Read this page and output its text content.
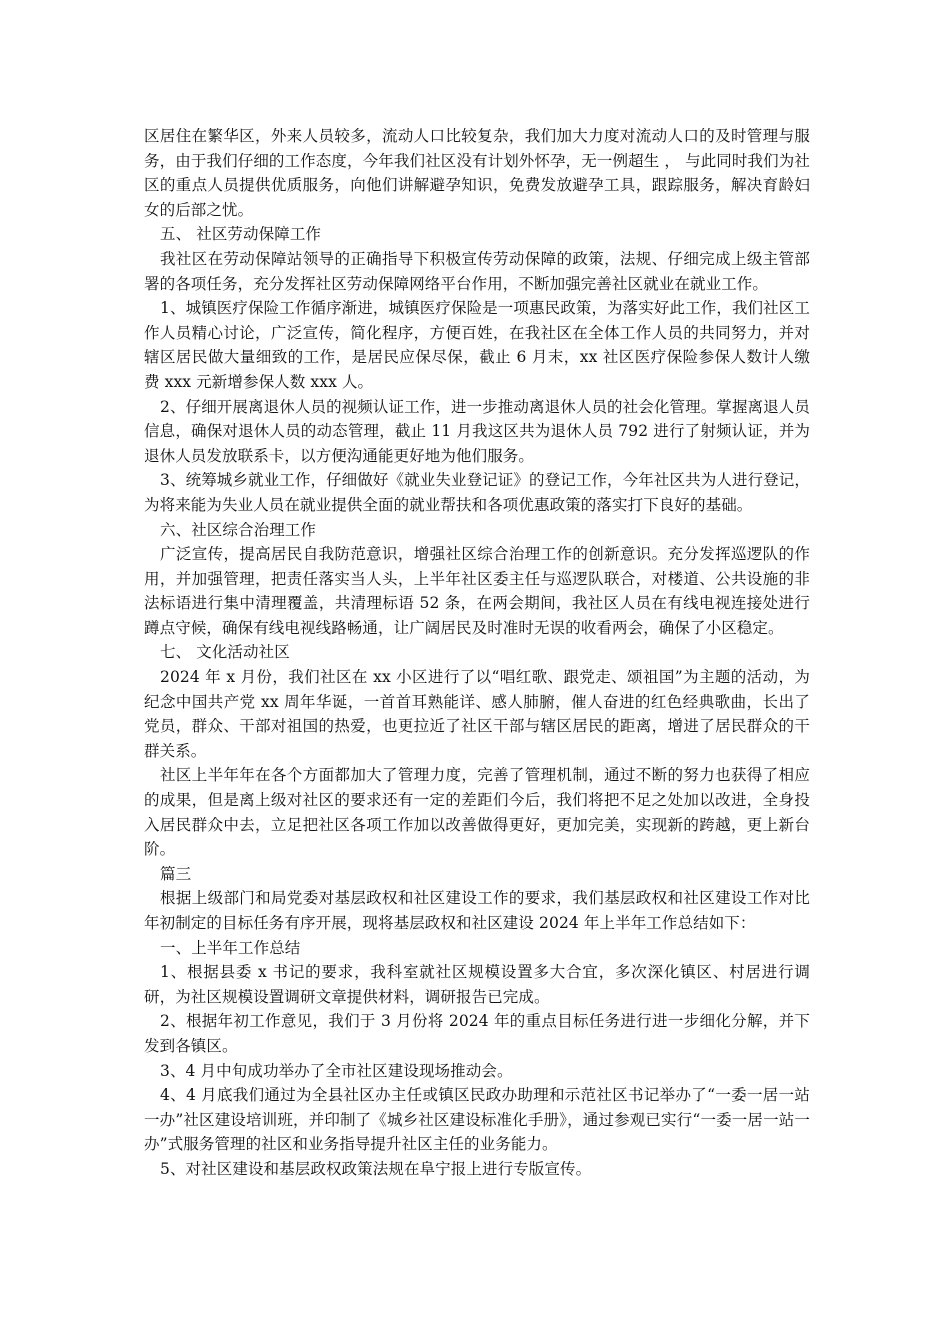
区居住在繁华区，外来人员较多，流动人口比较复杂，我们加大力度对流动人口的及时管理与服务，由于我们仔细的工作态度，今年我们社区没有计划外怀孕，无一例超生 ， 与此同时我们为社区的重点人员提供优质服务，向他们讲解避孕知识，免费发放避孕工具，跟踪服务，解决育龄妇女的后部之忧。

五、 社区劳动保障工作

我社区在劳动保障站领导的正确指导下积极宣传劳动保障的政策，法规、仔细完成上级主管部署的各项任务，充分发挥社区劳动保障网络平台作用，不断加强完善社区就业在就业工作。

1、城镇医疗保险工作循序渐进，城镇医疗保险是一项惠民政策，为落实好此工作，我们社区工作人员精心讨论，广泛宣传，简化程序，方便百姓，在我社区在全体工作人员的共同努力，并对辖区居民做大量细致的工作，是居民应保尽保，截止 6 月末，xx 社区医疗保险参保人数计人缴费 xxx 元新增参保人数 xxx 人。

2、仔细开展离退休人员的视频认证工作，进一步推动离退休人员的社会化管理。掌握离退人员信息，确保对退休人员的动态管理，截止 11 月我这区共为退休人员 792 进行了射频认证，并为退休人员发放联系卡，以方便沟通能更好地为他们服务。

3、统筹城乡就业工作，仔细做好《就业失业登记证》的登记工作，今年社区共为人进行登记，为将来能为失业人员在就业提供全面的就业帮扶和各项优惠政策的落实打下良好的基础。

六、社区综合治理工作

广泛宣传，提高居民自我防范意识，增强社区综合治理工作的创新意识。充分发挥巡逻队的作用，并加强管理，把责任落实当人头，上半年社区委主任与巡逻队联合，对楼道、公共设施的非法标语进行集中清理覆盖，共清理标语 52 条，在两会期间，我社区人员在有线电视连接处进行蹲点守候，确保有线电视线路畅通，让广阔居民及时准时无误的收看两会，确保了小区稳定。

七、 文化活动社区

2024 年 x 月份，我们社区在 xx 小区进行了以“唱红歌、跟党走、颂祖国”为主题的活动，为纪念中国共产党 xx 周年华诞，一首首耳熟能详、感人肺腑，催人奋进的红色经典歌曲，长出了党员，群众、干部对祖国的热爱，也更拉近了社区干部与辖区居民的距离，增进了居民群众的干群关系。

社区上半年年在各个方面都加大了管理力度，完善了管理机制，通过不断的努力也获得了相应的成果，但是离上级对社区的要求还有一定的差距们今后，我们将把不足之处加以改进，全身投入居民群众中去，立足把社区各项工作加以改善做得更好，更加完美，实现新的跨越，更上新台阶。

篇三

根据上级部门和局党委对基层政权和社区建设工作的要求，我们基层政权和社区建设工作对比年初制定的目标任务有序开展，现将基层政权和社区建设 2024 年上半年工作总结如下：

一、上半年工作总结

1、根据县委 x 书记的要求，我科室就社区规模设置多大合宜，多次深化镇区、村居进行调研，为社区规模设置调研文章提供材料，调研报告已完成。

2、根据年初工作意见，我们于 3 月份将 2024 年的重点目标任务进行进一步细化分解，并下发到各镇区。

3、4 月中旬成功举办了全市社区建设现场推动会。

4、4 月底我们通过为全县社区办主任或镇区民政办助理和示范社区书记举办了“一委一居一站一办”社区建设培训班，并印制了《城乡社区建设标准化手册》，通过参观已实行“一委一居一站一办”式服务管理的社区和业务指导提升社区主任的业务能力。

5、对社区建设和基层政权政策法规在阜宁报上进行专版宣传。
